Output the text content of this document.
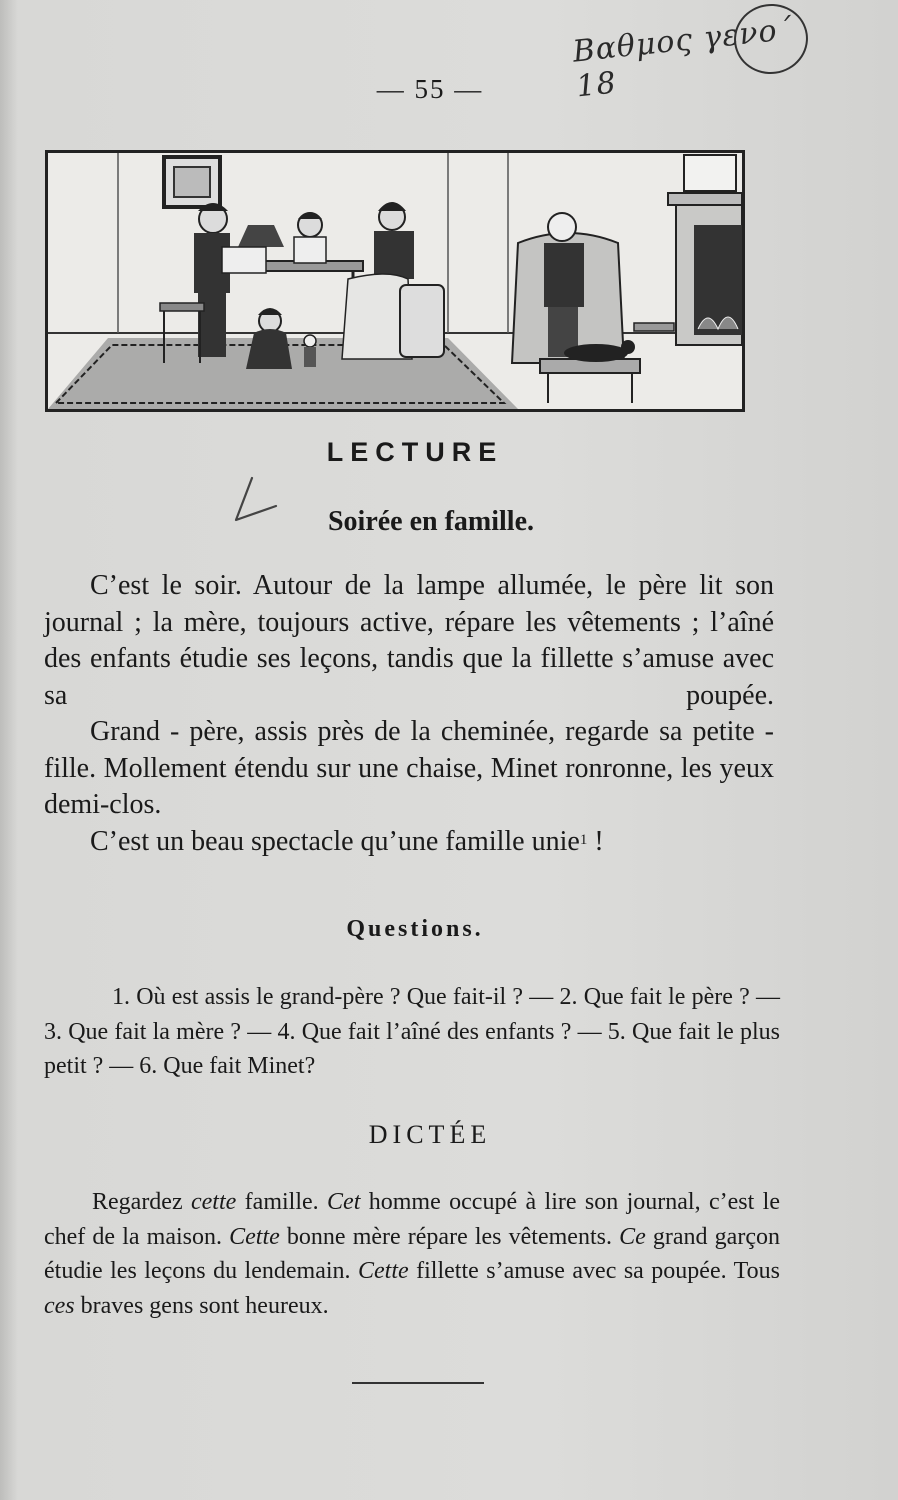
Βαθμος γενο΄ 18
— 55 —
LECTURE
Soirée en famille.

C’est le soir. Autour de la lampe allumée, le père lit son journal ; la mère, toujours active, répare les vêtements ; l’aîné des enfants étudie ses leçons, tandis que la fillette s’amuse avec sa poupée.

Grand - père, assis près de la cheminée, regarde sa petite - fille. Mollement étendu sur une chaise, Minet ronronne, les yeux demi-clos.

C’est un beau spectacle qu’une famille unie$^1$ !

Questions.

1. Où est assis le grand-père ? Que fait-il ? — 2. Que fait le père ? — 3. Que fait la mère ? — 4. Que fait l’aîné des enfants ? — 5. Que fait le plus petit ? — 6. Que fait Minet?

DICTÉE

Regardez cette famille. Cet homme occupé à lire son journal, c’est le chef de la maison. Cette bonne mère répare les vêtements. Ce grand garçon étudie les leçons du lendemain. Cette fillette s’amuse avec sa poupée. Tous ces braves gens sont heureux.
